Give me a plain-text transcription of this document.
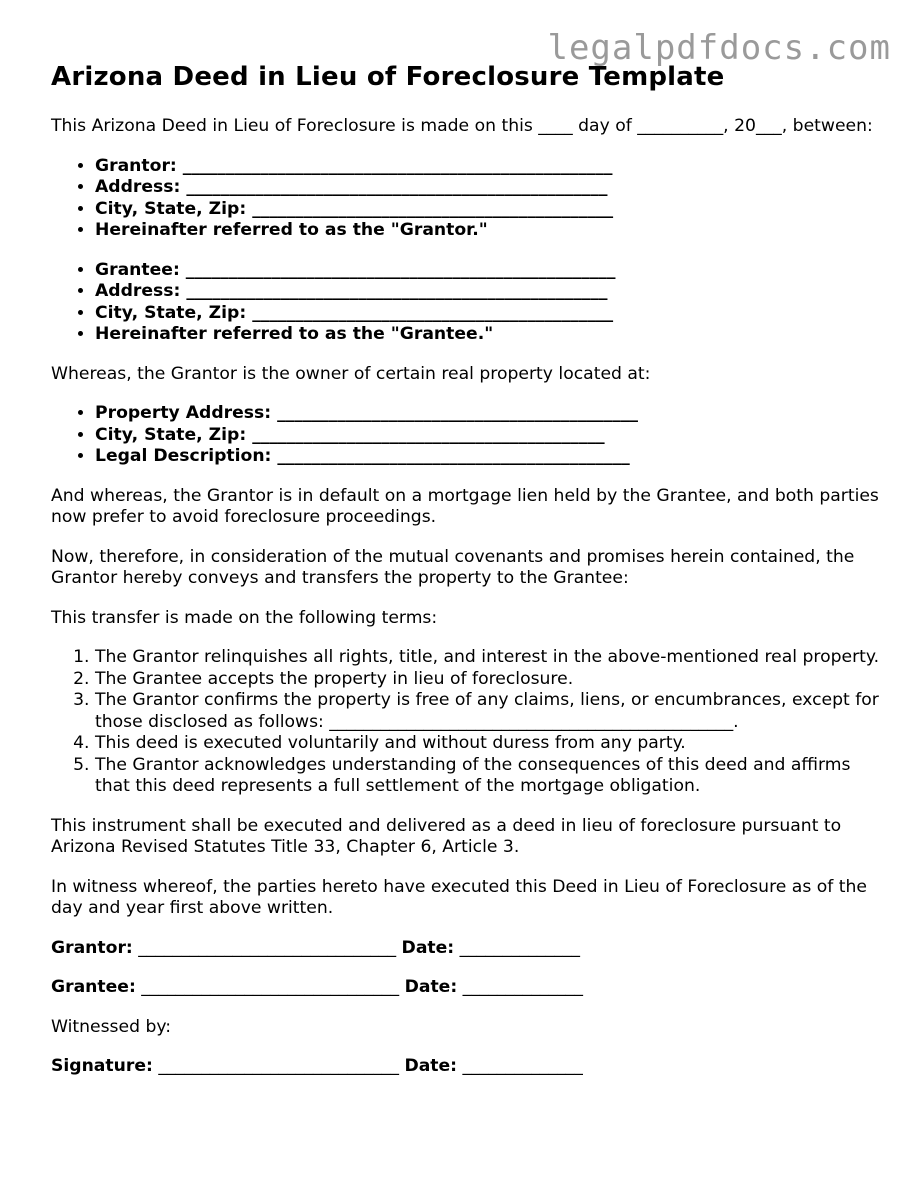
legalpdfdocs.com
Arizona Deed in Lieu of Foreclosure Template

This Arizona Deed in Lieu of Foreclosure is made on this ____ day of __________, 20___, between:

• Grantor: __________________________________________________
• Address: _________________________________________________
• City, State, Zip: __________________________________________
• Hereinafter referred to as the "Grantor."
• Grantee: __________________________________________________
• Address: _________________________________________________
• City, State, Zip: __________________________________________
• Hereinafter referred to as the "Grantee."

Whereas, the Grantor is the owner of certain real property located at:

• Property Address: __________________________________________
• City, State, Zip: _________________________________________
• Legal Description: _________________________________________

And whereas, the Grantor is in default on a mortgage lien held by the Grantee, and both parties now prefer to avoid foreclosure proceedings.

Now, therefore, in consideration of the mutual covenants and promises herein contained, the Grantor hereby conveys and transfers the property to the Grantee:

This transfer is made on the following terms:

1. The Grantor relinquishes all rights, title, and interest in the above-mentioned real property.
2. The Grantee accepts the property in lieu of foreclosure.
3. The Grantor confirms the property is free of any claims, liens, or encumbrances, except for those disclosed as follows: _______________________________________________.
4. This deed is executed voluntarily and without duress from any party.
5. The Grantor acknowledges understanding of the consequences of this deed and affirms that this deed represents a full settlement of the mortgage obligation.

This instrument shall be executed and delivered as a deed in lieu of foreclosure pursuant to Arizona Revised Statutes Title 33, Chapter 6, Article 3.

In witness whereof, the parties hereto have executed this Deed in Lieu of Foreclosure as of the day and year first above written.

Grantor: ______________________________ Date: ______________
Grantee: ______________________________ Date: ______________
Witnessed by:
Signature: ____________________________ Date: ______________
